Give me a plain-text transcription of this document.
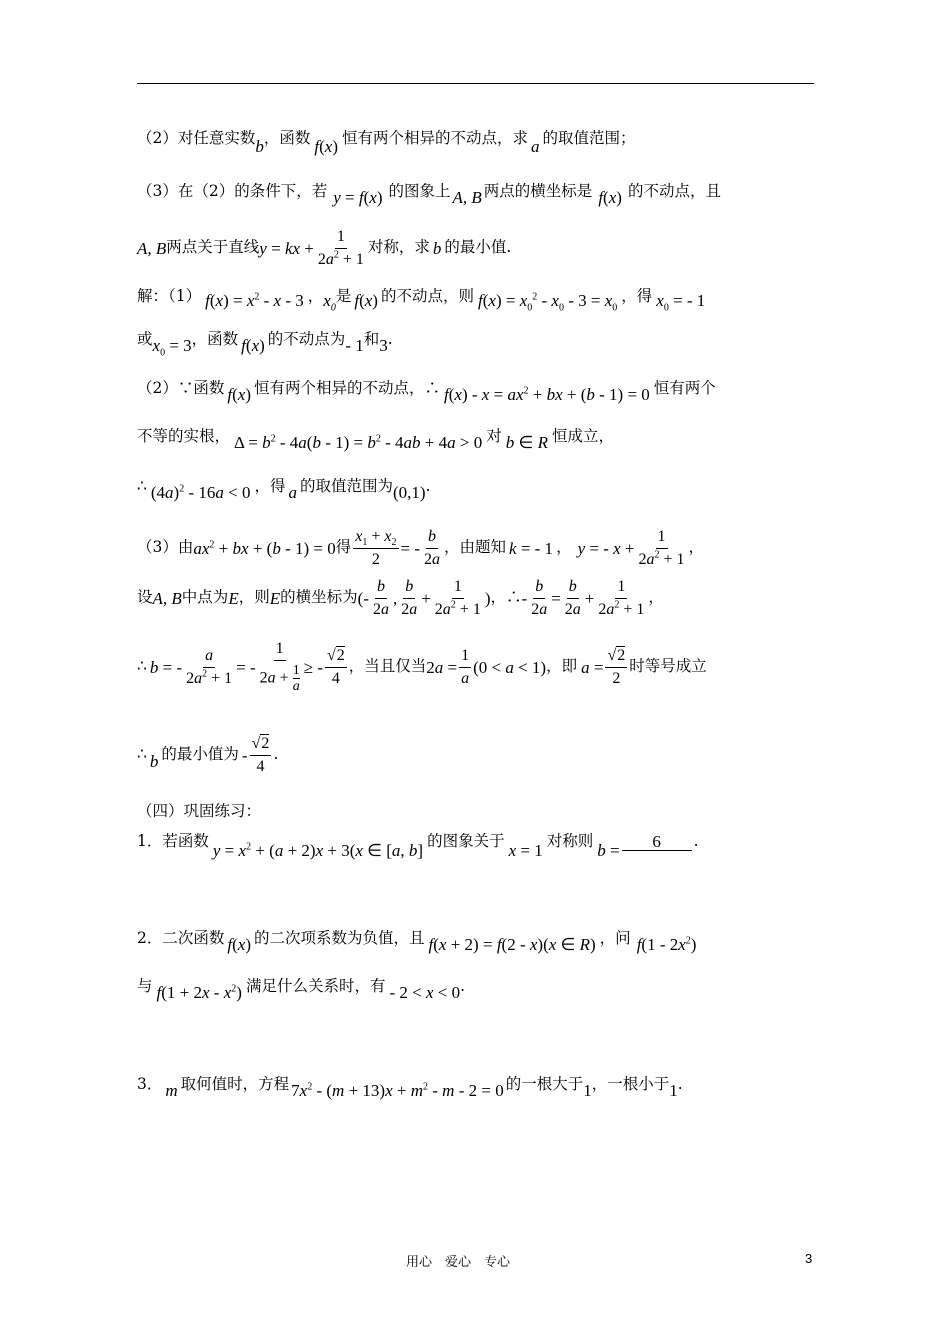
（2）对任意实数 b ，函数 f(x) 恒有两个相异的不动点，求 a 的取值范围；
（3）在（2）的条件下，若 y = f(x) 的图象上 A, B 两点的横坐标是 f(x) 的不动点，且
A, B 两点关于直线 y = kx + $\frac{1}{2a^2 + 1}$ 对称，求 b 的最小值.
解：（1） $f(x) = x^2 - x - 3$ ， $x_0$
是 f(x) 的不动点，则 $f(x) = x_0^2 - x_0 - 3 = x_0$
，得 $x_0$ = - 1
或 $x_0 = 3$ ，函数 f(x) 的不动点为 - 1 和 3 .
（2）∵函数 f(x) 恒有两个相异的不动点，∴ $f(x) - x = ax^2$ + bx + (b - 1) = 0 恒有两个
不等的实根， $\Delta = b^2 - 4a(b - 1) = b^2 - 4ab + 4a > 0$ 对 b ∈ R 恒成立，
∴ $(4a)^2 - 16a < 0$ ，得 a 的取值范围为 (0,1) .
（3）由 $ax^2$ + bx + (b - 1) = 0 得 $\frac{x_1 + x_2}{2}$ = - $\frac{b}{2a}$ ，由题知 k = - 1 ， y = - $x + \frac{1}{2a^2 + 1}$ ，
设 A, B 中点为 E ，则 E 的横坐标为 (- $\frac{b}{2a}$ , $\frac{b}{2a} + \frac{1}{2a^2 + 1}$ ) ，∴ - $\frac{b}{2a} = \frac{b}{2a} + \frac{1}{2a^2 + 1}$ ，
∴ b = - $\frac{a}{2a^2 + 1}$ = - $\frac{1}{2a + \frac{1}{a}}$ ≥ - $\frac{√2}{4}$ ，当且仅当 $2a = \frac{1}{a} (0 < a < 1)$ ，即 $a = \frac{√2}{2}$ 时等号成立
∴ b 的最小值为 - $\frac{√2}{4}$ .
（四）巩固练习：
1．若函数 $y = x^2 + (a + 2)x + 3(x$ ∈ [a, b] 的图象关于 x = 1 对称则 b =	6	.
2．二次函数 f(x) 的二次项系数为负值，且 f(x + 2) = f(2 - x)(x ∈ R) ，问 $f(1 - 2x^2)$
与 $f(1 + 2x - x^2)$ 满足什么关系时，有 - 2 < x < 0 .
3． m 取何值时，方程 $7x^2 - (m + 13)x + m^2 - m - 2 = 0$ 的一根大于 1 ，一根小于 1 .
用心　爱心　专心	3
